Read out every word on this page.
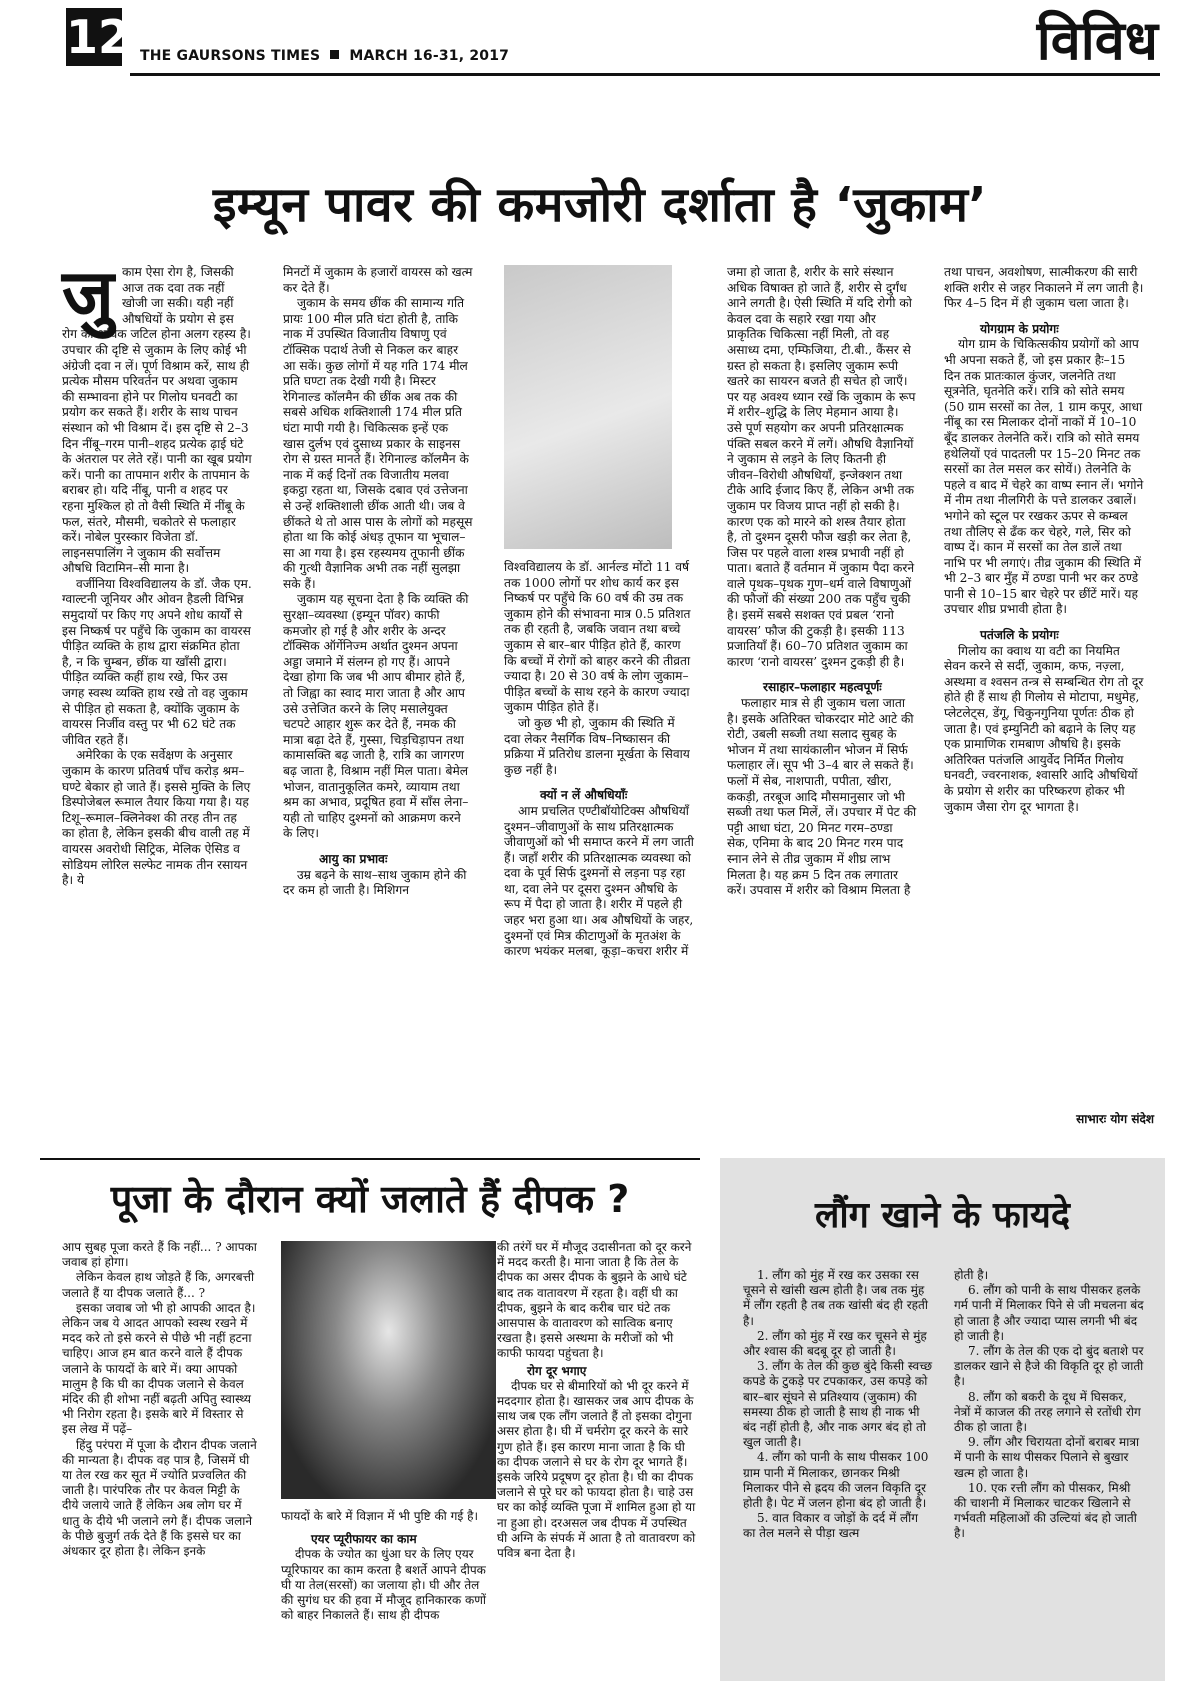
12 THE GAURSONS TIMES MARCH 16-31, 2017	विविध
इम्यून पावर की कमजोरी दर्शाता है ‘जुकाम’

जुकाम ऐसा रोग है, जिसकी आज तक दवा तक नहीं खोजी जा सकी। यही नहीं औषधियों के प्रयोग से इस रोग का अधिक जटिल होना अलग रहस्य है। उपचार की दृष्टि से जुकाम के लिए कोई भी अंग्रेजी दवा न लें। पूर्ण विश्राम करें, साथ ही प्रत्येक मौसम परिवर्तन पर अथवा जुकाम की सम्भावना होने पर गिलोय घनवटी का प्रयोग कर सकते हैं। शरीर के साथ पाचन संस्थान को भी विश्राम दें। इस दृष्टि से 2–3 दिन नींबू–गरम पानी–शहद प्रत्येक ढ़ाई घंटे के अंतराल पर लेते रहें। पानी का खूब प्रयोग करें। पानी का तापमान शरीर के तापमान के बराबर हो। यदि नींबू, पानी व शहद पर रहना मुश्किल हो तो वैसी स्थिति में नींबू के फल, संतरे, मौसमी, चकोतरे से फलाहार करें। नोबेल पुरस्कार विजेता डॉ. लाइनसपालिंग ने जुकाम की सर्वोत्तम औषधि विटामिन–सी माना है।

वर्जीनिया विश्वविद्यालय के डॉ. जैक एम. ग्वाल्टनी जूनियर और ओवन हैडली विभिन्न समुदायों पर किए गए अपने शोध कार्यों से इस निष्कर्ष पर पहुँचे कि जुकाम का वायरस पीड़ित व्यक्ति के हाथ द्वारा संक्रमित होता है, न कि चुम्बन, छींक या खाँसी द्वारा। पीड़ित व्यक्ति कहीं हाथ रखे, फिर उस जगह स्वस्थ व्यक्ति हाथ रखे तो वह जुकाम से पीड़ित हो सकता है, क्योंकि जुकाम के वायरस निर्जीव वस्तु पर भी 62 घंटे तक जीवित रहते हैं।

अमेरिका के एक सर्वेक्षण के अनुसार जुकाम के कारण प्रतिवर्ष पाँच करोड़ श्रम–घण्टे बेकार हो जाते हैं। इससे मुक्ति के लिए डिस्पोजेबल रूमाल तैयार किया गया है। यह टिशू–रूमाल–क्लिनेक्श की तरह तीन तह का होता है, लेकिन इसकी बीच वाली तह में वायरस अवरोधी सिट्रिक, मेलिक ऐसिड व सोडियम लोरिल सल्फेट नामक तीन रसायन है। ये

मिनटों में जुकाम के हजारों वायरस को खत्म कर देते हैं।

जुकाम के समय छींक की सामान्य गति प्रायः 100 मील प्रति घंटा होती है, ताकि नाक में उपस्थित विजातीय विषाणु एवं टॉक्सिक पदार्थ तेजी से निकल कर बाहर आ सकें। कुछ लोगों में यह गति 174 मील प्रति घण्टा तक देखी गयी है। मिस्टर रेगिनाल्ड कॉलमैन की छींक अब तक की सबसे अधिक शक्तिशाली 174 मील प्रति घंटा मापी गयी है। चिकित्सक इन्हें एक खास दुर्लभ एवं दुसाध्य प्रकार के साइनस रोग से ग्रस्त मानते हैं। रेगिनाल्ड कॉलमैन के नाक में कई दिनों तक विजातीय मलवा इकट्ठा रहता था, जिसके दबाव एवं उत्तेजना से उन्हें शक्तिशाली छींक आती थी। जब वे छींकते थे तो आस पास के लोगों को महसूस होता था कि कोई अंधड़ तूफान या भूचाल–सा आ गया है। इस रहस्यमय तूफानी छींक की गुत्थी वैज्ञानिक अभी तक नहीं सुलझा सके हैं।

जुकाम यह सूचना देता है कि व्यक्ति की सुरक्षा–व्यवस्था (इम्यून पॉवर) काफी कमजोर हो गई है और शरीर के अन्दर टॉक्सिक ऑर्गेनिज्म अर्थात दुश्मन अपना अड्डा जमाने में संलग्न हो गए हैं। आपने देखा होगा कि जब भी आप बीमार होते हैं, तो जिह्वा का स्वाद मारा जाता है और आप उसे उत्तेजित करने के लिए मसालेयुक्त चटपटे आहार शुरू कर देते हैं, नमक की मात्रा बढ़ा देते हैं, गुस्सा, चिड़चिड़ापन तथा कामासक्ति बढ़ जाती है, रात्रि का जागरण बढ़ जाता है, विश्राम नहीं मिल पाता। बेमेल भोजन, वातानुकूलित कमरे, व्यायाम तथा श्रम का अभाव, प्रदूषित हवा में साँस लेना– यही तो चाहिए दुश्मनों को आक्रमण करने के लिए।

आयु का प्रभावः

उम्र बढ़ने के साथ–साथ जुकाम होने की दर कम हो जाती है। मिशिगन

विश्वविद्यालय के डॉ. आर्नल्ड मोंटो 11 वर्ष तक 1000 लोगों पर शोध कार्य कर इस निष्कर्ष पर पहुँचे कि 60 वर्ष की उम्र तक जुकाम होने की संभावना मात्र 0.5 प्रतिशत तक ही रहती है, जबकि जवान तथा बच्चे जुकाम से बार–बार पीड़ित होते हैं, कारण कि बच्चों में रोगों को बाहर करने की तीव्रता ज्यादा है। 20 से 30 वर्ष के लोग जुकाम–पीड़ित बच्चों के साथ रहने के कारण ज्यादा जुकाम पीड़ित होते हैं।

जो कुछ भी हो, जुकाम की स्थिति में दवा लेकर नैसर्गिक विष–निष्कासन की प्रक्रिया में प्रतिरोध डालना मूर्खता के सिवाय कुछ नहीं है।

क्यों न लें औषधियाँः

आम प्रचलित एण्टीबॉयोटिक्स औषधियाँ दुश्मन–जीवाणुओं के साथ प्रतिरक्षात्मक जीवाणुओं को भी समाप्त करने में लग जाती हैं। जहाँ शरीर की प्रतिरक्षात्मक व्यवस्था को दवा के पूर्व सिर्फ दुश्मनों से लड़ना पड़ रहा था, दवा लेने पर दूसरा दुश्मन औषधि के रूप में पैदा हो जाता है। शरीर में पहले ही जहर भरा हुआ था। अब औषधियों के जहर, दुश्मनों एवं मित्र कीटाणुओं के मृतअंश के कारण भयंकर मलबा, कूड़ा–कचरा शरीर में

जमा हो जाता है, शरीर के सारे संस्थान अधिक विषाक्त हो जाते हैं, शरीर से दुर्गंध आने लगती है। ऐसी स्थिति में यदि रोगी को केवल दवा के सहारे रखा गया और प्राकृतिक चिकित्सा नहीं मिली, तो वह असाध्य दमा, एम्फिजिया, टी.बी., कैंसर से ग्रस्त हो सकता है। इसलिए जुकाम रूपी खतरे का सायरन बजते ही सचेत हो जाएँ। पर यह अवश्य ध्यान रखें कि जुकाम के रूप में शरीर–शुद्धि के लिए मेहमान आया है। उसे पूर्ण सहयोग कर अपनी प्रतिरक्षात्मक पंक्ति सबल करने में लगें। औषधि वैज्ञानियों ने जुकाम से लड़ने के लिए कितनी ही जीवन–विरोधी औषधियाँ, इन्जेक्शन तथा टीके आदि ईजाद किए हैं, लेकिन अभी तक जुकाम पर विजय प्राप्त नहीं हो सकी है। कारण एक को मारने को शस्त्र तैयार होता है, तो दुश्मन दूसरी फौज खड़ी कर लेता है, जिस पर पहले वाला शस्त्र प्रभावी नहीं हो पाता। बताते हैं वर्तमान में जुकाम पैदा करने वाले पृथक–पृथक गुण–धर्म वाले विषाणुओं की फौजों की संख्या 200 तक पहुँच चुकी है। इसमें सबसे सशक्त एवं प्रबल ‘रानो वायरस’ फौज की टुकड़ी है। इसकी 113 प्रजातियाँ हैं। 60–70 प्रतिशत जुकाम का कारण ‘रानो वायरस’ दुश्मन टुकड़ी ही है।

रसाहार–फलाहार महत्वपूर्णः

फलाहार मात्र से ही जुकाम चला जाता है। इसके अतिरिक्त चोकरदार मोटे आटे की रोटी, उबली सब्जी तथा सलाद सुबह के भोजन में तथा सायंकालीन भोजन में सिर्फ फलाहार लें। सूप भी 3–4 बार ले सकते हैं। फलों में सेब, नाशपाती, पपीता, खीरा, ककड़ी, तरबूज आदि मौसमानुसार जो भी सब्जी तथा फल मिलें, लें। उपचार में पेट की पट्टी आधा घंटा, 20 मिनट गरम–ठण्डा सेक, एनिमा के बाद 20 मिनट गरम पाद स्नान लेने से तीव्र जुकाम में शीघ्र लाभ मिलता है। यह क्रम 5 दिन तक लगातार करें। उपवास में शरीर को विश्राम मिलता है

तथा पाचन, अवशोषण, सात्मीकरण की सारी शक्ति शरीर से जहर निकालने में लग जाती है। फिर 4–5 दिन में ही जुकाम चला जाता है।

योगग्राम के प्रयोगः

योग ग्राम के चिकित्सकीय प्रयोगों को आप भी अपना सकते हैं, जो इस प्रकार हैः–15 दिन तक प्रातःकाल कुंजर, जलनेति तथा सूत्रनेति, घृतनेति करें। रात्रि को सोते समय (50 ग्राम सरसों का तेल, 1 ग्राम कपूर, आधा नींबू का रस मिलाकर दोनों नाकों में 10–10 बूँद डालकर तेलनेति करें। रात्रि को सोते समय हथेलियों एवं पादतली पर 15–20 मिनट तक सरसों का तेल मसल कर सोयें।) तेलनेति के पहले व बाद में चेहरे का वाष्प स्नान लें। भगोने में नीम तथा नीलगिरी के पत्ते डालकर उबालें। भगोने को स्टूल पर रखकर ऊपर से कम्बल तथा तौलिए से ढँक कर चेहरे, गले, सिर को वाष्प दें। कान में सरसों का तेल डालें तथा नाभि पर भी लगाएं। तीव्र जुकाम की स्थिति में भी 2–3 बार मुँह में ठण्डा पानी भर कर ठण्डे पानी से 10–15 बार चेहरे पर छींटें मारें। यह उपचार शीघ्र प्रभावी होता है।

पतंजलि के प्रयोगः

गिलोय का क्वाथ या वटी का नियमित सेवन करने से सर्दी, जुकाम, कफ, नज़्ला, अस्थमा व श्वसन तन्त्र से सम्बन्धित रोग तो दूर होते ही हैं साथ ही गिलोय से मोटापा, मधुमेह, प्लेटलेट्स, डेंगू, चिकुनगुनिया पूर्णतः ठीक हो जाता है। एवं इम्युनिटी को बढ़ाने के लिए यह एक प्रामाणिक रामबाण औषधि है। इसके अतिरिक्त पतंजलि आयुर्वेद निर्मित गिलोय घनवटी, ज्वरनाशक, श्वासरि आदि औषधियों के प्रयोग से शरीर का परिष्करण होकर भी जुकाम जैसा रोग दूर भागता है।

साभारः योग संदेश
पूजा के दौरान क्यों जलाते हैं दीपक ?

आप सुबह पूजा करते हैं कि नहीं... ? आपका जवाब हां होगा।

लेकिन केवल हाथ जोड़ते हैं कि, अगरबत्ती जलाते हैं या दीपक जलाते हैं... ?

इसका जवाब जो भी हो आपकी आदत है। लेकिन जब ये आदत आपको स्वस्थ रखने में मदद करे तो इसे करने से पीछे भी नहीं हटना चाहिए। आज हम बात करने वाले हैं दीपक जलाने के फायदों के बारे में। क्या आपको मालुम है कि घी का दीपक जलाने से केवल मंदिर की ही शोभा नहीं बढ़ती अपितु स्वास्थ्य भी निरोग रहता है। इसके बारे में विस्तार से इस लेख में पढ़ें–

हिंदु परंपरा में पूजा के दौरान दीपक जलाने की मान्यता है। दीपक वह पात्र है, जिसमें घी या तेल रख कर सूत में ज्योति प्रज्वलित की जाती है। पारंपरिक तौर पर केवल मिट्टी के दीये जलाये जाते हैं लेकिन अब लोग घर में धातु के दीये भी जलाने लगे हैं। दीपक जलाने के पीछे बुजुर्ग तर्क देते हैं कि इससे घर का अंधकार दूर होता है। लेकिन इनके

फायदों के बारे में विज्ञान में भी पुष्टि की गई है।

एयर प्यूरीफायर का काम

दीपक के ज्योत का धुंआ घर के लिए एयर प्यूरिफायर का काम करता है बशर्ते आपने दीपक घी या तेल(सरसों) का जलाया हो। घी और तेल की सुगंध घर की हवा में मौजूद हानिकारक कणों को बाहर निकालते हैं। साथ ही दीपक

की तरंगें घर में मौजूद उदासीनता को दूर करने में मदद करती है। माना जाता है कि तेल के दीपक का असर दीपक के बुझने के आधे घंटे बाद तक वातावरण में रहता है। वहीं घी का दीपक, बुझने के बाद करीब चार घंटे तक आसपास के वातावरण को सात्विक बनाए रखता है। इससे अस्थमा के मरीजों को भी काफी फायदा पहुंचता है।

रोग दूर भगाए

दीपक घर से बीमारियों को भी दूर करने में मददगार होता है। खासकर जब आप दीपक के साथ जब एक लौंग जलाते हैं तो इसका दोगुना असर होता है। घी में चर्मरोग दूर करने के सारे गुण होते हैं। इस कारण माना जाता है कि घी का दीपक जलाने से घर के रोग दूर भागते हैं। इसके जरिये प्रदूषण दूर होता है। घी का दीपक जलाने से पूरे घर को फायदा होता है। चाहे उस घर का कोई व्यक्ति पूजा में शामिल हुआ हो या ना हुआ हो। दरअसल जब दीपक में उपस्थित घी अग्नि के संपर्क में आता है तो वातावरण को पवित्र बना देता है।

लौंग खाने के फायदे

1. लौंग को मुंह में रख कर उसका रस चूसने से खांसी खत्म होती है। जब तक मुंह में लौंग रहती है तब तक खांसी बंद ही रहती है।

2. लौंग को मुंह में रख कर चूसने से मुंह और श्वास की बदबू दूर हो जाती है।

3. लौंग के तेल की कुछ बुंदे किसी स्वच्छ कपडे के टुकड़े पर टपकाकर, उस कपड़े को बार–बार सूंघने से प्रतिश्याय (जुकाम) की समस्या ठीक हो जाती है साथ ही नाक भी बंद नहीं होती है, और नाक अगर बंद हो तो खुल जाती है।

4. लौंग को पानी के साथ पीसकर 100 ग्राम पानी में मिलाकर, छानकर मिश्री मिलाकर पीने से ह्रदय की जलन विकृति दूर होती है। पेट में जलन होना बंद हो जाती है।

5. वात विकार व जोड़ों के दर्द में लौंग का तेल मलने से पीड़ा खत्म

होती है।

6. लौंग को पानी के साथ पीसकर हलके गर्म पानी में मिलाकर पिने से जी मचलना बंद हो जाता है और ज्यादा प्यास लगनी भी बंद हो जाती है।

7. लौंग के तेल की एक दो बुंद बताशे पर डालकर खाने से हैजे की विकृति दूर हो जाती है।

8. लौंग को बकरी के दूध में घिसकर, नेत्रों में काजल की तरह लगाने से रतोंधी रोग ठीक हो जाता है।

9. लौंग और चिरायता दोनों बराबर मात्रा में पानी के साथ पीसकर पिलाने से बुखार खत्म हो जाता है।

10. एक रत्ती लौंग को पीसकर, मिश्री की चाशनी में मिलाकर चाटकर खिलाने से गर्भवती महिलाओं की उल्टियां बंद हो जाती है।
